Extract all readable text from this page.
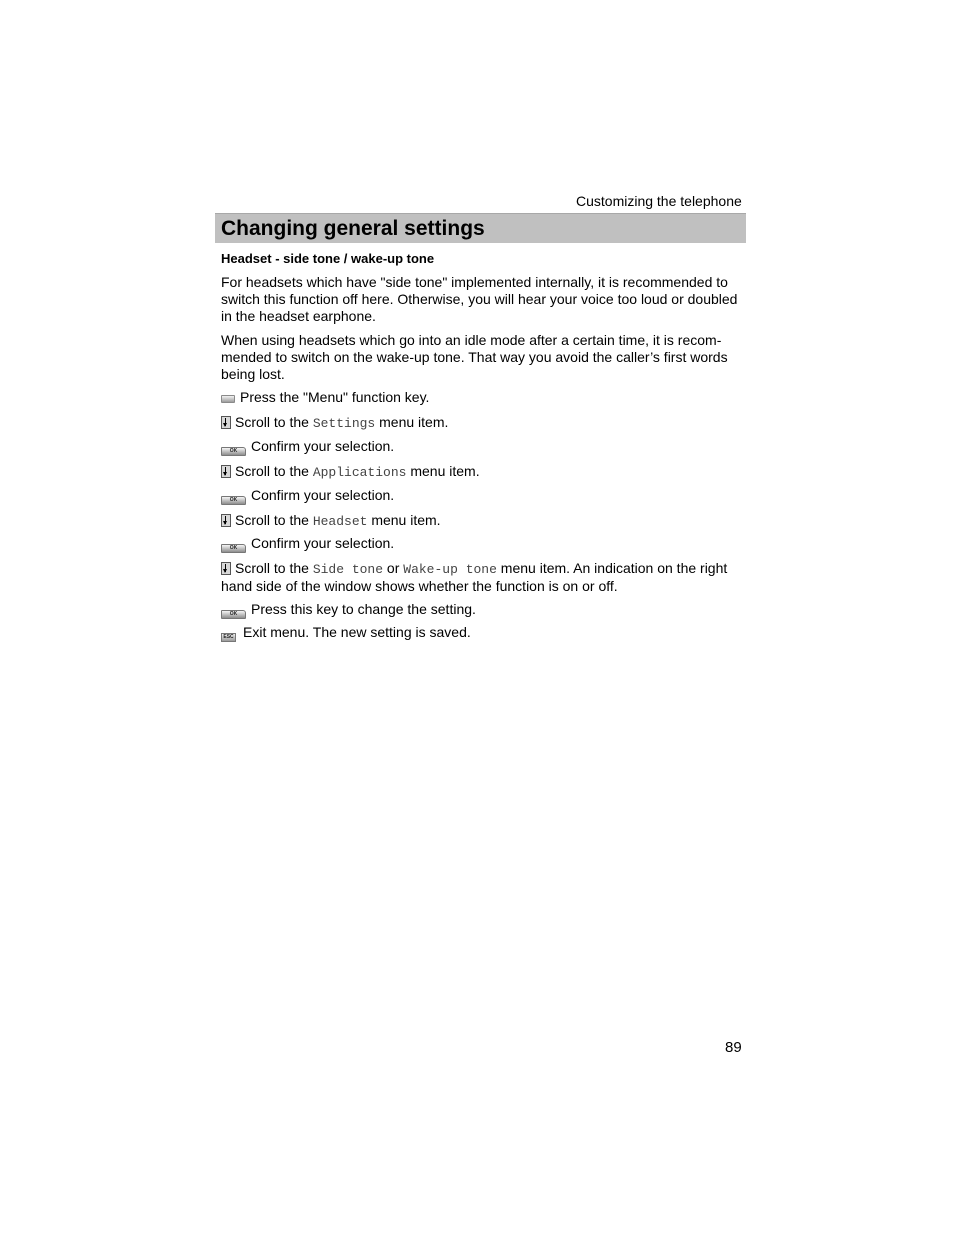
Customizing the telephone
Changing general settings
Headset - side tone / wake-up tone
For headsets which have "side tone" implemented internally, it is recommended to switch this function off here. Otherwise, you will hear your voice too loud or doubled in the headset earphone.
When using headsets which go into an idle mode after a certain time, it is recom-mended to switch on the wake-up tone. That way you avoid the caller’s first words being lost.
Press the "Menu" function key.
Scroll to the Settings menu item.
OK Confirm your selection.
Scroll to the Applications menu item.
OK Confirm your selection.
Scroll to the Headset menu item.
OK Confirm your selection.
Scroll to the Side tone or Wake-up tone menu item. An indication on the right hand side of the window shows whether the function is on or off.
OK Press this key to change the setting.
ESC Exit menu. The new setting is saved.
89
